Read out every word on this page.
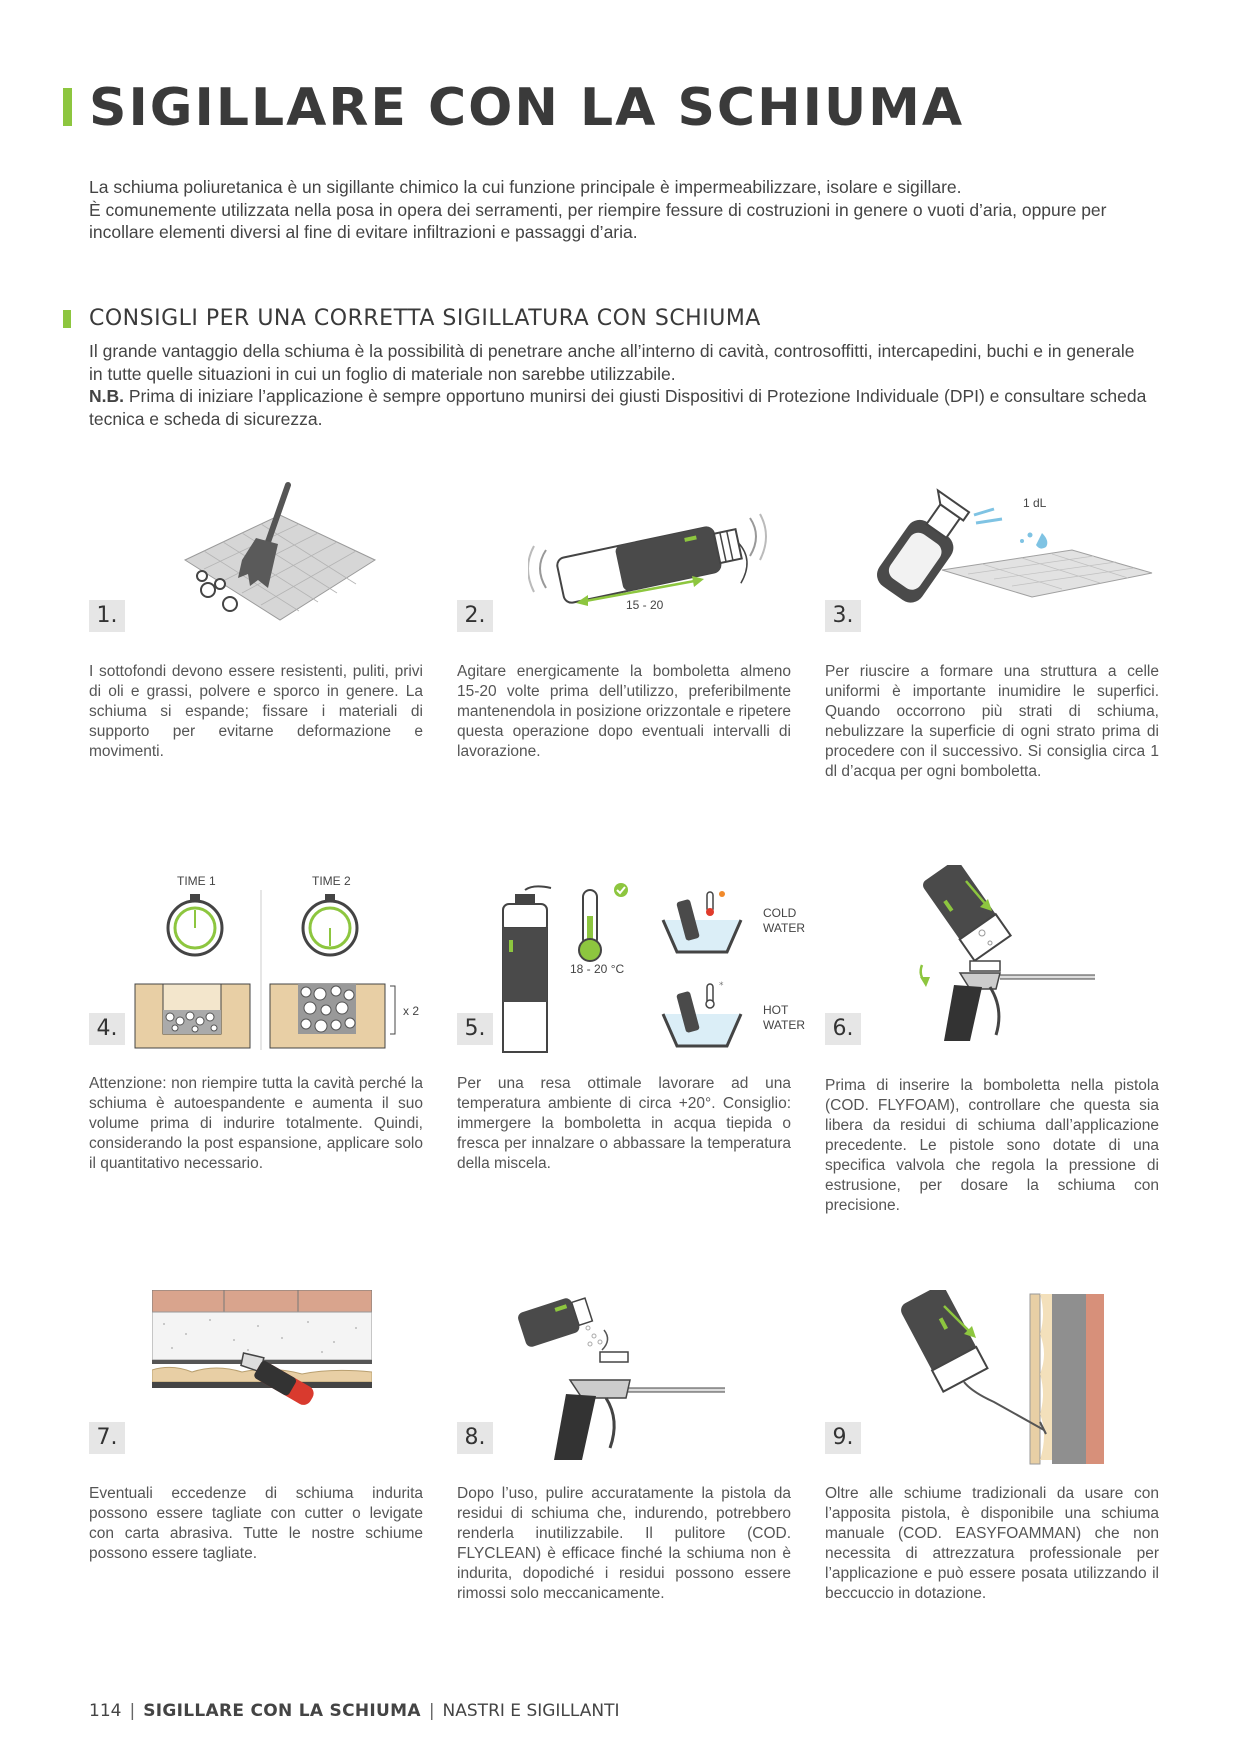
SIGILLARE CON LA SCHIUMA

La schiuma poliuretanica è un sigillante chimico la cui funzione principale è impermeabilizzare, isolare e sigillare.

È comunemente utilizzata nella posa in opera dei serramenti, per riempire fessure di costruzioni in genere o vuoti d’aria, oppure per incollare elementi diversi al fine di evitare infiltrazioni e passaggi d’aria.

CONSIGLI PER UNA CORRETTA SIGILLATURA CON SCHIUMA

Il grande vantaggio della schiuma è la possibilità di penetrare anche all’interno di cavità, controsoffitti, intercapedini, buchi e in generale in tutte quelle situazioni in cui un foglio di materiale non sarebbe utilizzabile.

N.B. Prima di iniziare l’applicazione è sempre opportuno munirsi dei giusti Dispositivi di Protezione Individuale (DPI) e consultare scheda tecnica e scheda di sicurezza.

1.
I sottofondi devono essere resistenti, puliti, privi di oli e grassi, polvere e sporco in genere. La schiuma si espande; fissare i materiali di supporto per evitarne deformazione e movimenti.
15 - 20
2.
Agitare energicamente la bomboletta almeno 15-20 volte prima dell’utilizzo, preferibilmente mantenendola in posizione orizzontale e ripetere questa operazione dopo eventuali intervalli di lavorazione.
1 dL
3.
Per riuscire a formare una struttura a celle uniformi è importante inumidire le superfici. Quando occorrono più strati di schiuma, nebulizzare la superficie di ogni strato prima di procedere con il successivo. Si consiglia circa 1 dl d’acqua per ogni bomboletta.
TIME 1	TIME 2
x 2
4.
Attenzione: non riempire tutta la cavità perché la schiuma è autoespandente e aumenta il suo volume prima di indurire totalmente. Quindi, considerando la post espansione, applicare solo il quantitativo necessario.
*
18 - 20 °C
COLD
WATER
HOT
WATER
5.
Per una resa ottimale lavorare ad una temperatura ambiente di circa +20°. Consiglio: immergere la bomboletta in acqua tiepida o fresca per innalzare o abbassare la temperatura della miscela.
6.
Prima di inserire la bomboletta nella pistola (COD. FLYFOAM), controllare che questa sia libera da residui di schiuma dall’applicazione precedente. Le pistole sono dotate di una specifica valvola che regola la pressione di estrusione, per dosare la schiuma con precisione.
7.
Eventuali eccedenze di schiuma indurita possono essere tagliate con cutter o levigate con carta abrasiva. Tutte le nostre schiume possono essere tagliate.
8.
Dopo l’uso, pulire accuratamente la pistola da residui di schiuma che, indurendo, potrebbero renderla inutilizzabile. Il pulitore (COD. FLYCLEAN) è efficace finché la schiuma non è indurita, dopodiché i residui possono essere rimossi solo meccanicamente.
9.
Oltre alle schiume tradizionali da usare con l’apposita pistola, è disponibile una schiuma manuale (COD. EASYFOAMMAN) che non necessita di attrezzatura professionale per l’applicazione e può essere posata utilizzando il beccuccio in dotazione.
114 | SIGILLARE CON LA SCHIUMA | NASTRI E SIGILLANTI
